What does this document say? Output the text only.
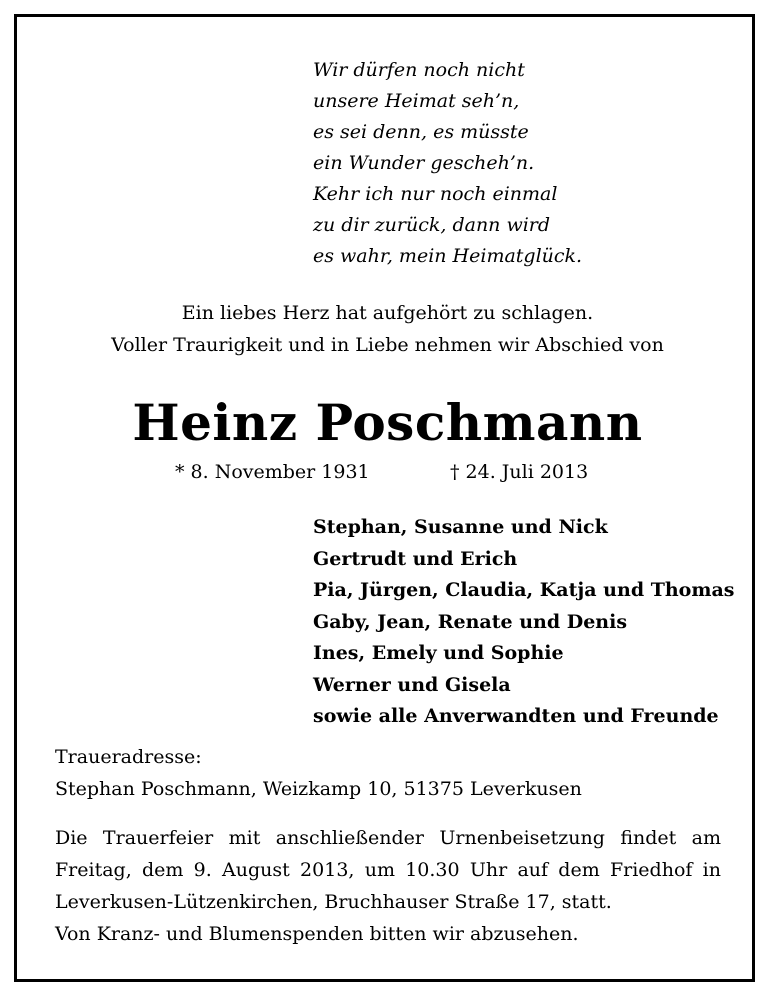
Wir dürfen noch nicht
unsere Heimat seh’n,
es sei denn, es müsste
ein Wunder gescheh’n.
Kehr ich nur noch einmal
zu dir zurück, dann wird
es wahr, mein Heimatglück.
Ein liebes Herz hat aufgehört zu schlagen.
Voller Traurigkeit und in Liebe nehmen wir Abschied von
Heinz Poschmann
* 8. November 1931	† 24. Juli 2013
Stephan, Susanne und Nick
Gertrudt und Erich
Pia, Jürgen, Claudia, Katja und Thomas
Gaby, Jean, Renate und Denis
Ines, Emely und Sophie
Werner und Gisela
sowie alle Anverwandten und Freunde
Traueradresse:
Stephan Poschmann, Weizkamp 10, 51375 Leverkusen
Die Trauerfeier mit anschließender Urnenbeisetzung findet am
Freitag, dem 9. August 2013, um 10.30 Uhr auf dem Friedhof in
Leverkusen-Lützenkirchen, Bruchhauser Straße 17, statt.
Von Kranz- und Blumenspenden bitten wir abzusehen.
